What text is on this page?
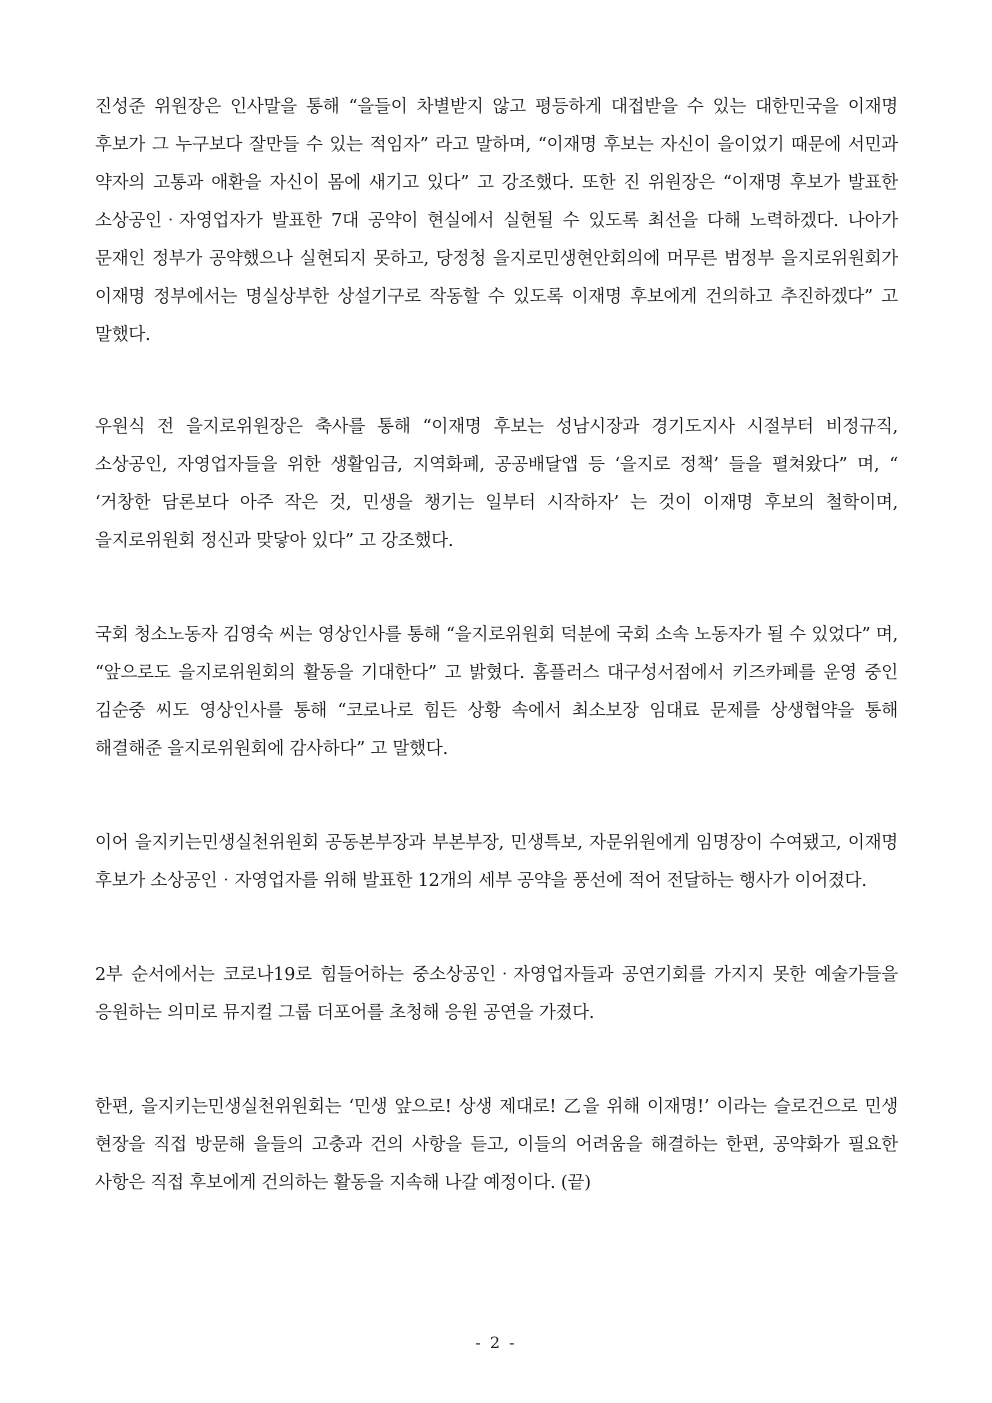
진성준 위원장은 인사말을 통해 “을들이 차별받지 않고 평등하게 대접받을 수 있는 대한민국을 이재명 후보가 그 누구보다 잘만들 수 있는 적임자” 라고 말하며, “이재명 후보는 자신이 을이었기 때문에 서민과 약자의 고통과 애환을 자신이 몸에 새기고 있다” 고 강조했다. 또한 진 위원장은 “이재명 후보가 발표한 소상공인‧자영업자가 발표한 7대 공약이 현실에서 실현될 수 있도록 최선을 다해 노력하겠다. 나아가 문재인 정부가 공약했으나 실현되지 못하고, 당정청 을지로민생현안회의에 머무른 범정부 을지로위원회가 이재명 정부에서는 명실상부한 상설기구로 작동할 수 있도록 이재명 후보에게 건의하고 추진하겠다” 고 말했다.

우원식 전 을지로위원장은 축사를 통해 “이재명 후보는 성남시장과 경기도지사 시절부터 비정규직, 소상공인, 자영업자들을 위한 생활임금, 지역화폐, 공공배달앱 등 ‘을지로 정책’ 들을 펼쳐왔다” 며, “ ‘거창한 담론보다 아주 작은 것, 민생을 챙기는 일부터 시작하자’ 는 것이 이재명 후보의 철학이며, 을지로위원회 정신과 맞닿아 있다” 고 강조했다.

국회 청소노동자 김영숙 씨는 영상인사를 통해 “을지로위원회 덕분에 국회 소속 노동자가 될 수 있었다” 며, “앞으로도 을지로위원회의 활동을 기대한다” 고 밝혔다. 홈플러스 대구성서점에서 키즈카페를 운영 중인 김순중 씨도 영상인사를 통해 “코로나로 힘든 상황 속에서 최소보장 임대료 문제를 상생협약을 통해 해결해준 을지로위원회에 감사하다” 고 말했다.

이어 을지키는민생실천위원회 공동본부장과 부본부장, 민생특보, 자문위원에게 임명장이 수여됐고, 이재명 후보가 소상공인‧자영업자를 위해 발표한 12개의 세부 공약을 풍선에 적어 전달하는 행사가 이어졌다.

2부 순서에서는 코로나19로 힘들어하는 중소상공인‧자영업자들과 공연기회를 가지지 못한 예술가들을 응원하는 의미로 뮤지컬 그룹 더포어를 초청해 응원 공연을 가졌다.

한편, 을지키는민생실천위원회는 ‘민생 앞으로! 상생 제대로! 乙을 위해 이재명!’ 이라는 슬로건으로 민생 현장을 직접 방문해 을들의 고충과 건의 사항을 듣고, 이들의 어려움을 해결하는 한편, 공약화가 필요한 사항은 직접 후보에게 건의하는 활동을 지속해 나갈 예정이다. (끝)

- 2 -
